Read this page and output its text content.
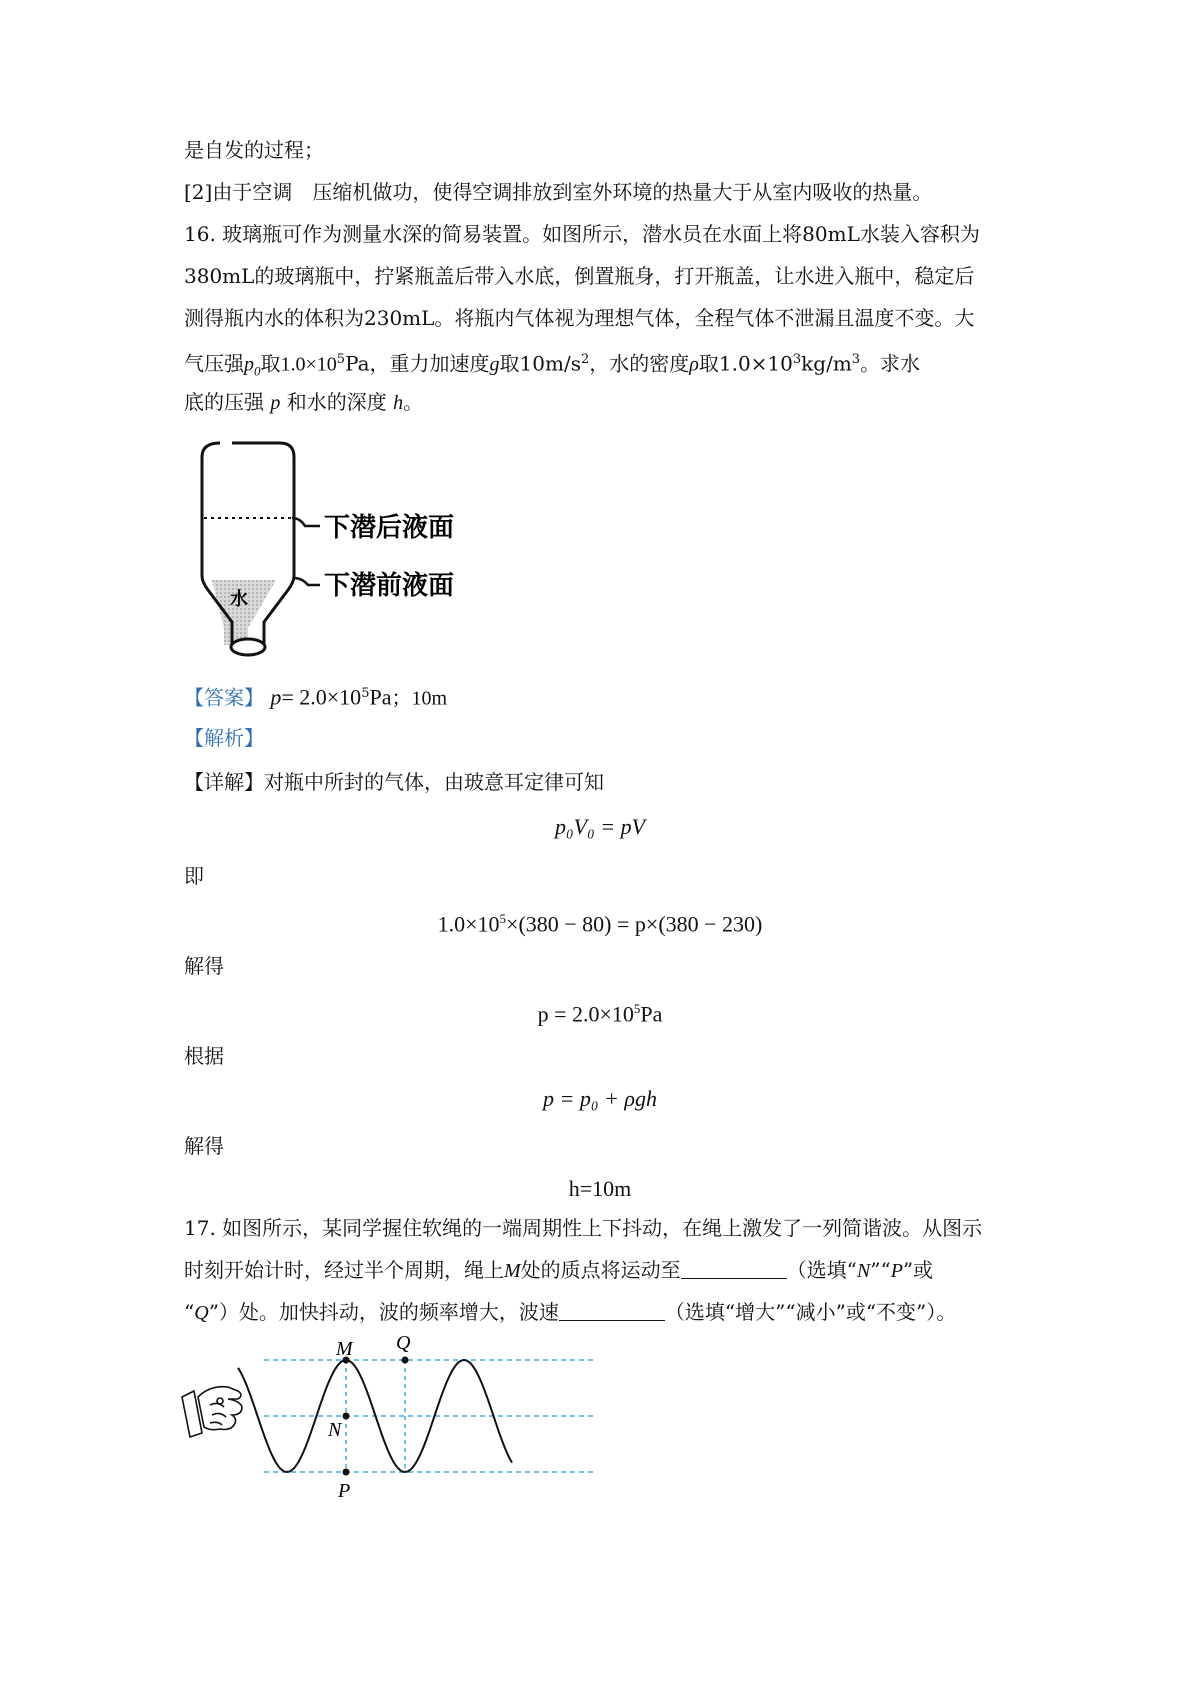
是自发的过程；
[2]由于空调　压缩机做功，使得空调排放到室外环境的热量大于从室内吸收的热量。
16. 玻璃瓶可作为测量水深的简易装置。如图所示，潜水员在水面上将80mL水装入容积为
380mL的玻璃瓶中，拧紧瓶盖后带入水底，倒置瓶身，打开瓶盖，让水进入瓶中，稳定后
测得瓶内水的体积为230mL。将瓶内气体视为理想气体，全程气体不泄漏且温度不变。大
气压强$p_0$取$1.0\times 10^5Pa$，重力加速度g取$10m/s^2$，水的密度ρ取$1.0\times 10^3kg/m^3$。求水
底的压强 p 和水的深度 h。
下潜后液面
下潜前液面
水
【答案】 $p= 2.0\times 10^5Pa$；10m
【解析】
【详解】对瓶中所封的气体，由玻意耳定律可知
p₀V₀ = pV
即
$1.0\times 10^5\times(380 - 80) = p\times(380 - 230)$
解得
$p = 2.0\times 10^5Pa$
根据
p = p₀ + ρgh
解得
h=10m
17. 如图所示，某同学握住软绳的一端周期性上下抖动，在绳上激发了一列简谐波。从图示
时刻开始计时，经过半个周期，绳上M处的质点将运动至	（选填“N”“P”或
“Q”）处。加快抖动，波的频率增大，波速	（选填“增大”“减小”或“不变”）。
M Q
N
P
